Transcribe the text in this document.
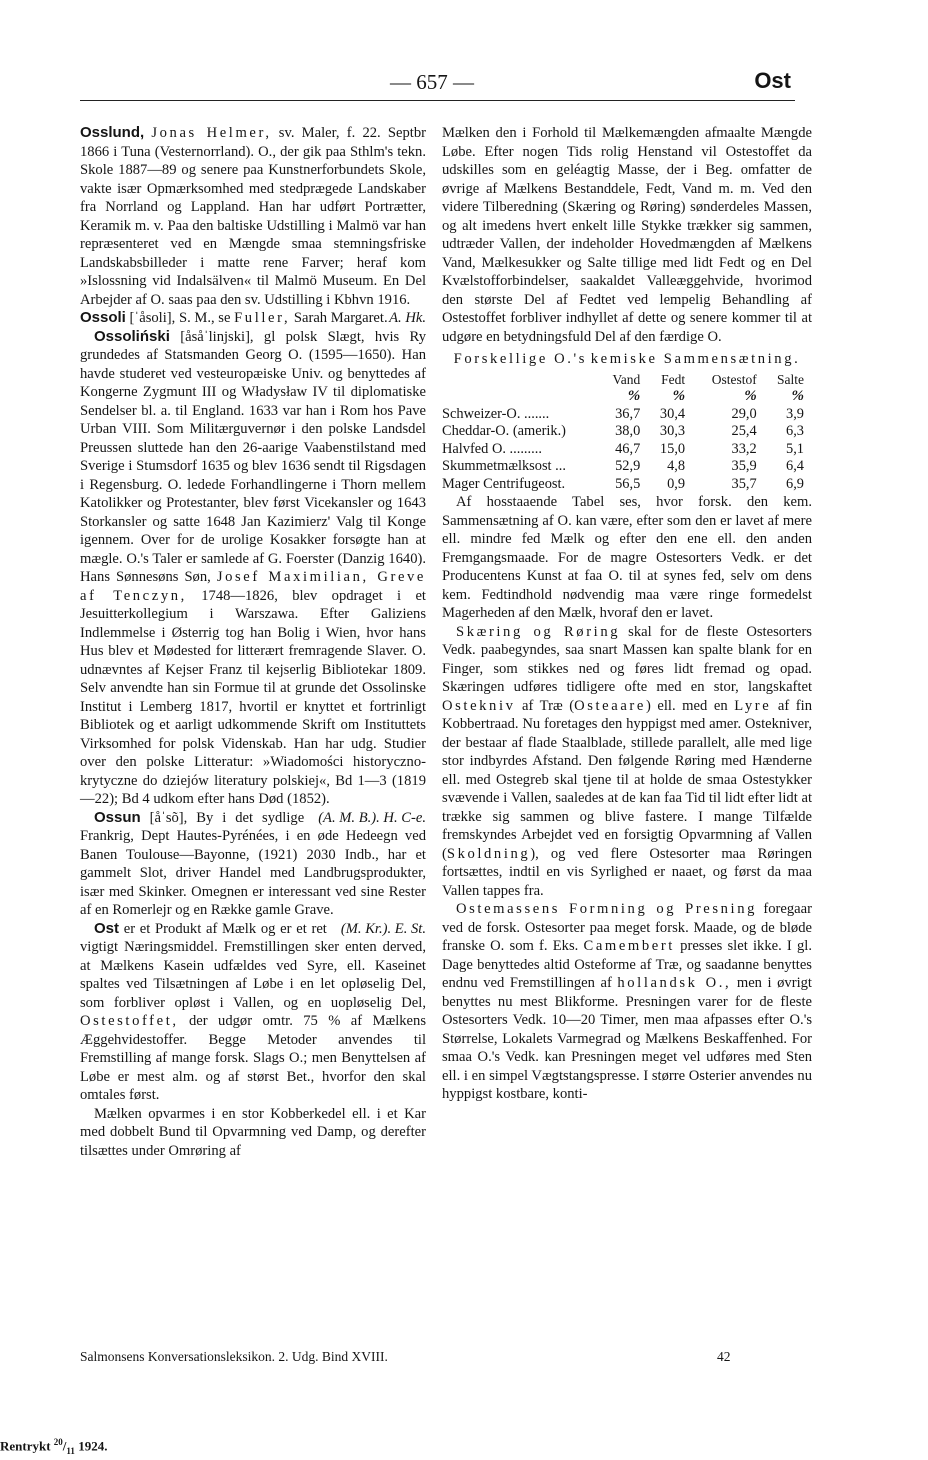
— 657 —	Ost

Osslund, Jonas Helmer, sv. Maler, f. 22. Septbr 1866 i Tuna (Vesternorrland). O., der gik paa Sthlm's tekn. Skole 1887—89 og senere paa Kunstnerforbundets Skole, vakte især Opmærksomhed med stedprægede Landskaber fra Norrland og Lappland. Han har udført Portrætter, Keramik m. v. Paa den baltiske Udstilling i Malmö var han repræsenteret ved en Mængde smaa stemningsfriske Landskabsbilleder i matte rene Farver; heraf kom »Islossning vid Indalsälven« til Malmö Museum. En Del Arbejder af O. saas paa den sv. Udstilling i Kbhvn 1916.
A. Hk.

Ossoli [ˈåsoli], S. M., se Fuller, Sarah Margaret.

Ossoliński [åsåˈlinjski], gl polsk Slægt, hvis Ry grundedes af Statsmanden Georg O. (1595—1650). Han havde studeret ved vesteuropæiske Univ. og benyttedes af Kongerne Zygmunt III og Władysław IV til diplomatiske Sendelser bl. a. til England. 1633 var han i Rom hos Pave Urban VIII. Som Militærguvernør i den polske Landsdel Preussen sluttede han den 26-aarige Vaabenstilstand med Sverige i Stumsdorf 1635 og blev 1636 sendt til Rigsdagen i Regensburg. O. ledede Forhandlingerne i Thorn mellem Katolikker og Protestanter, blev først Vicekansler og 1643 Storkansler og satte 1648 Jan Kazimierz' Valg til Konge igennem. Over for de urolige Kosakker forsøgte han at mægle. O.'s Taler er samlede af G. Foerster (Danzig 1640). Hans Sønnesøns Søn, Josef Maximilian, Greve af Tenczyn, 1748—1826, blev opdraget i et Jesuitterkollegium i Warszawa. Efter Galiziens Indlemmelse i Østerrig tog han Bolig i Wien, hvor hans Hus blev et Mødested for litterært fremragende Slaver. O. udnævntes af Kejser Franz til kejserlig Bibliotekar 1809. Selv anvendte han sin Formue til at grunde det Ossolinske Institut i Lemberg 1817, hvortil er knyttet et fortrinligt Bibliotek og et aarligt udkommende Skrift om Instituttets Virksomhed for polsk Videnskab. Han har udg. Studier over den polske Litteratur: »Wiadomości historyczno-krytyczne do dziejów literatury polskiej«, Bd 1—3 (1819—22); Bd 4 udkom efter hans Død (1852).
(A. M. B.). H. C-e.

Ossun [åˈsõ], By i det sydlige Frankrig, Dept Hautes-Pyrénées, i en øde Hedeegn ved Banen Toulouse—Bayonne, (1921) 2030 Indb., har et gammelt Slot, driver Handel med Landbrugsprodukter, især med Skinker. Omegnen er interessant ved sine Rester af en Romerlejr og en Række gamle Grave.
(M. Kr.). E. St.

Ost er et Produkt af Mælk og er et ret vigtigt Næringsmiddel. Fremstillingen sker enten derved, at Mælkens Kasein udfældes ved Syre, ell. Kaseinet spaltes ved Tilsætningen af Løbe i en let opløselig Del, som forbliver opløst i Vallen, og en uopløselig Del, Ostestoffet, der udgør omtr. 75 % af Mælkens Æggehvidestoffer. Begge Metoder anvendes til Fremstilling af mange forsk. Slags O.; men Benyttelsen af Løbe er mest alm. og af størst Bet., hvorfor den skal omtales først.

Mælken opvarmes i en stor Kobberkedel ell. i et Kar med dobbelt Bund til Opvarmning ved Damp, og derefter tilsættes under Omrøring af

Mælken den i Forhold til Mælkemængden afmaalte Mængde Løbe. Efter nogen Tids rolig Henstand vil Ostestoffet da udskilles som en geléagtig Masse, der i Beg. omfatter de øvrige af Mælkens Bestanddele, Fedt, Vand m. m. Ved den videre Tilberedning (Skæring og Røring) sønderdeles Massen, og alt imedens hvert enkelt lille Stykke trækker sig sammen, udtræder Vallen, der indeholder Hovedmængden af Mælkens Vand, Mælkesukker og Salte tillige med lidt Fedt og en Del Kvælstofforbindelser, saakaldet Valleæggehvide, hvorimod den største Del af Fedtet ved lempelig Behandling af Ostestoffet forbliver indhyllet af dette og senere kommer til at udgøre en betydningsfuld Del af den færdige O.

Forskellige O.'s kemiske Sammensætning.
	Vand	Fedt	Ostestof	Salte
	%	%	%	%
Schweizer-O. .......	36,7	30,4	29,0	3,9
Cheddar-O. (amerik.)	38,0	30,3	25,4	6,3
Halvfed O. .........	46,7	15,0	33,2	5,1
Skummetmælksost ...	52,9	4,8	35,9	6,4
Mager Centrifugeost.	56,5	0,9	35,7	6,9

Af hosstaaende Tabel ses, hvor forsk. den kem. Sammensætning af O. kan være, efter som den er lavet af mere ell. mindre fed Mælk og efter den ene ell. den anden Fremgangsmaade. For de magre Ostesorters Vedk. er det Producentens Kunst at faa O. til at synes fed, selv om dens kem. Fedtindhold nødvendig maa være ringe formedelst Magerheden af den Mælk, hvoraf den er lavet.

Skæring og Røring skal for de fleste Ostesorters Vedk. paabegyndes, saa snart Massen kan spalte blank for en Finger, som stikkes ned og føres lidt fremad og opad. Skæringen udføres tidligere ofte med en stor, langskaftet Ostekniv af Træ (Osteaare) ell. med en Lyre af fin Kobbertraad. Nu foretages den hyppigst med amer. Ostekniver, der bestaar af flade Staalblade, stillede parallelt, alle med lige stor indbyrdes Afstand. Den følgende Røring med Hænderne ell. med Ostegreb skal tjene til at holde de smaa Ostestykker svævende i Vallen, saaledes at de kan faa Tid til lidt efter lidt at trække sig sammen og blive fastere. I mange Tilfælde fremskyndes Arbejdet ved en forsigtig Opvarmning af Vallen (Skoldning), og ved flere Ostesorter maa Røringen fortsættes, indtil en vis Syrlighed er naaet, og først da maa Vallen tappes fra.

Ostemassens Formning og Presning foregaar ved de forsk. Ostesorter paa meget forsk. Maade, og de bløde franske O. som f. Eks. Camembert presses slet ikke. I gl. Dage benyttedes altid Osteforme af Træ, og saadanne benyttes endnu ved Fremstillingen af hollandsk O., men i øvrigt benyttes nu mest Blikforme. Presningen varer for de fleste Ostesorters Vedk. 10—20 Timer, men maa afpasses efter O.'s Størrelse, Lokalets Varmegrad og Mælkens Beskaffenhed. For smaa O.'s Vedk. kan Presningen meget vel udføres med Sten ell. i en simpel Vægtstangspresse. I større Osterier anvendes nu hyppigst kostbare, konti-

Salmonsens Konversationsleksikon. 2. Udg. Bind XVIII.	42
Rentrykt $^{20}/_{11}$ 1924.
